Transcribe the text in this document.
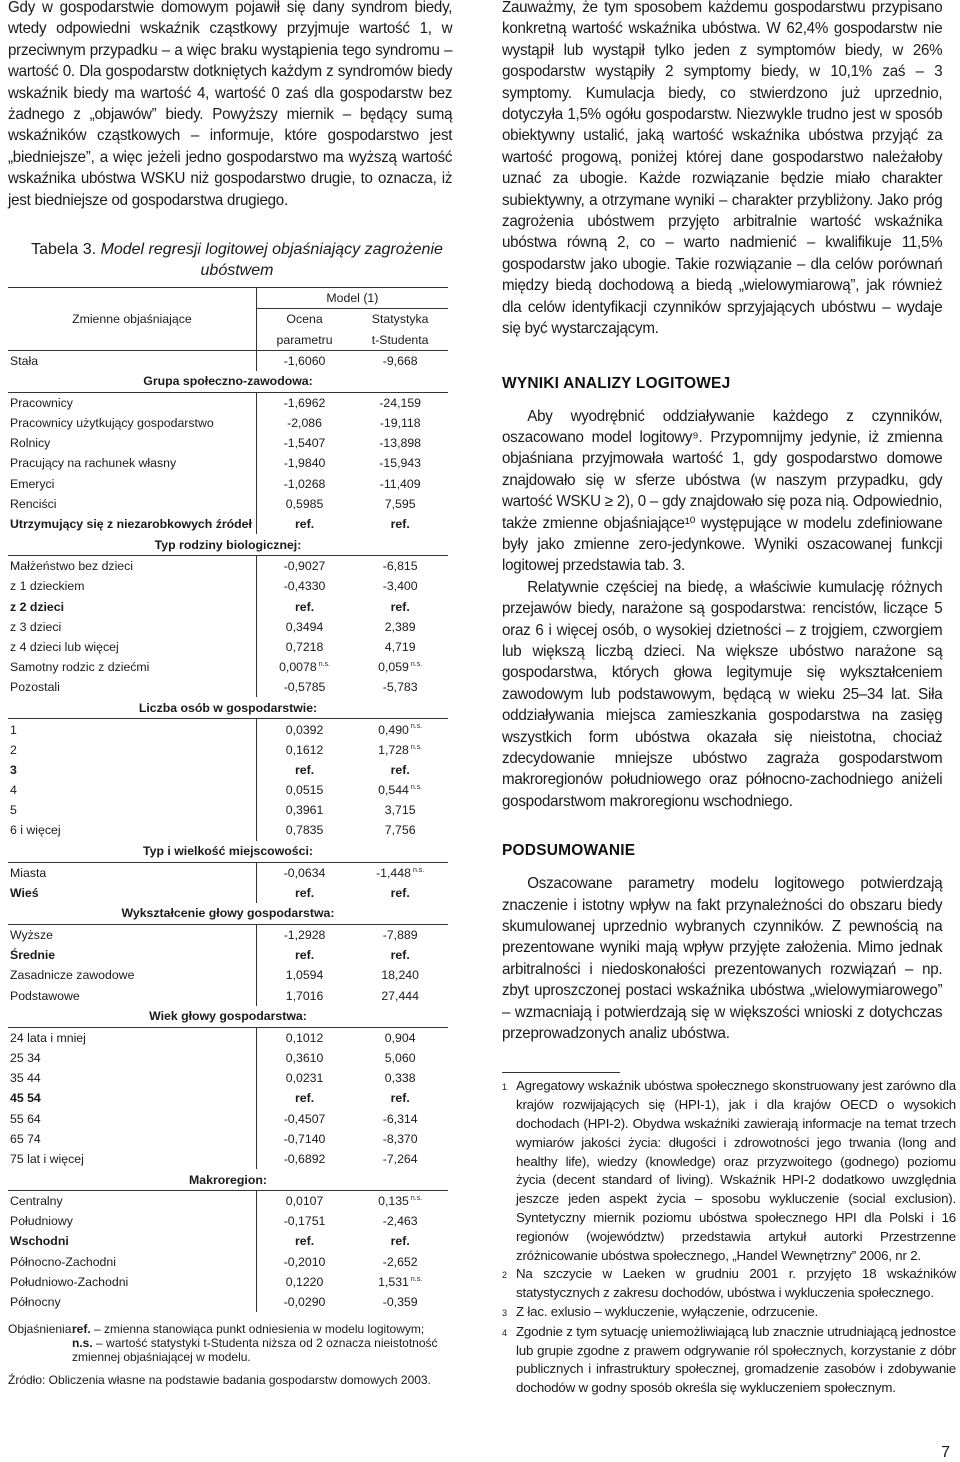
Gdy w gospodarstwie domowym pojawił się dany syndrom biedy, wtedy odpowiedni wskaźnik cząstkowy przyjmuje wartość 1, w przeciwnym przypadku – a więc braku wystąpienia tego syndromu – wartość 0. Dla gospodarstw dotkniętych każdym z syndromów biedy wskaźnik biedy ma wartość 4, wartość 0 zaś dla gospodarstw bez żadnego z „objawów” biedy. Powyższy miernik – będący sumą wskaźników cząstkowych – informuje, które gospodarstwo jest „biedniejsze”, a więc jeżeli jedno gospodarstwo ma wyższą wartość wskaźnika ubóstwa WSKU niż gospodarstwo drugie, to oznacza, iż jest biedniejsze od gospodarstwa drugiego.

Tabela 3. Model regresji logitowej objaśniający zagrożenie ubóstwem
Zmienne objaśniające	Model (1)	
	Ocena	Statystyka
	parametru	t-Studenta
Stała	-1,6060	-9,668
Grupa społeczno-zawodowa:		
Pracownicy	-1,6962	-24,159
Pracownicy użytkujący gospodarstwo	-2,086	-19,118
Rolnicy	-1,5407	-13,898
Pracujący na rachunek własny	-1,9840	-15,943
Emeryci	-1,0268	-11,409
Renciści	0,5985	7,595
Utrzymujący się z niezarobkowych źródeł	ref.	ref.
Typ rodziny biologicznej:		
Małżeństwo bez dzieci	-0,9027	-6,815
z 1 dzieckiem	-0,4330	-3,400
z 2 dzieci	ref.	ref.
z 3 dzieci	0,3494	2,389
z 4 dzieci lub więcej	0,7218	4,719
Samotny rodzic z dziećmi	0,0078 $^{n.s.}$	0,059 $^{n.s.}$
Pozostali	-0,5785	-5,783
Liczba osób w gospodarstwie:		
1	0,0392	0,490 $^{n.s.}$
2	0,1612	1,728 $^{n.s.}$
3	ref.	ref.
4	0,0515	0,544 $^{n.s.}$
5	0,3961	3,715
6 i więcej	0,7835	7,756
Typ i wielkość miejscowości:		
Miasta	-0,0634	-1,448 $^{n.s.}$
Wieś	ref.	ref.
Wykształcenie głowy gospodarstwa:		
Wyższe	-1,2928	-7,889
Średnie	ref.	ref.
Zasadnicze zawodowe	1,0594	18,240
Podstawowe	1,7016	27,444
Wiek głowy gospodarstwa:		
24 lata i mniej	0,1012	0,904
25 34	0,3610	5,060
35 44	0,0231	0,338
45 54	ref.	ref.
55 64	-0,4507	-6,314
65 74	-0,7140	-8,370
75 lat i więcej	-0,6892	-7,264
Makroregion:		
Centralny	0,0107	0,135 $^{n.s.}$
Południowy	-0,1751	-2,463
Wschodni	ref.	ref.
Północno-Zachodni	-0,2010	-2,652
Południowo-Zachodni	0,1220	1,531 $^{n.s.}$
Północny	-0,0290	-0,359
Objaśnienia:
ref. – zmienna stanowiąca punkt odniesienia w modelu logitowym;
n.s. – wartość statystyki t-Studenta niższa od 2 oznacza nieistotność zmiennej objaśniającej w modelu.
Źródło: Obliczenia własne na podstawie badania gospodarstw domowych 2003.

Zauważmy, że tym sposobem każdemu gospodarstwu przypisano konkretną wartość wskaźnika ubóstwa. W 62,4% gospodarstw nie wystąpił lub wystąpił tylko jeden z symptomów biedy, w 26% gospodarstw wystąpiły 2 symptomy biedy, w 10,1% zaś – 3 symptomy. Kumulacja biedy, co stwierdzono już uprzednio, dotyczyła 1,5% ogółu gospodarstw. Niezwykle trudno jest w sposób obiektywny ustalić, jaką wartość wskaźnika ubóstwa przyjąć za wartość progową, poniżej której dane gospodarstwo należałoby uznać za ubogie. Każde rozwiązanie będzie miało charakter subiektywny, a otrzymane wyniki – charakter przybliżony. Jako próg zagrożenia ubóstwem przyjęto arbitralnie wartość wskaźnika ubóstwa równą 2, co – warto nadmienić – kwalifikuje 11,5% gospodarstw jako ubogie. Takie rozwiązanie – dla celów porównań między biedą dochodową a biedą „wielowymiarową”, jak również dla celów identyfikacji czynników sprzyjających ubóstwu – wydaje się być wystarczającym.

WYNIKI ANALIZY LOGITOWEJ

Aby wyodrębnić oddziaływanie każdego z czynników, oszacowano model logitowy⁹. Przypomnijmy jedynie, iż zmienna objaśniana przyjmowała wartość 1, gdy gospodarstwo domowe znajdowało się w sferze ubóstwa (w naszym przypadku, gdy wartość WSKU ≥ 2), 0 – gdy znajdowało się poza nią. Odpowiednio, także zmienne objaśniające¹⁰ występujące w modelu zdefiniowane były jako zmienne zero-jedynkowe. Wyniki oszacowanej funkcji logitowej przedstawia tab. 3.

Relatywnie częściej na biedę, a właściwie kumulację różnych przejawów biedy, narażone są gospodarstwa: rencistów, liczące 5 oraz 6 i więcej osób, o wysokiej dzietności – z trojgiem, czworgiem lub większą liczbą dzieci. Na większe ubóstwo narażone są gospodarstwa, których głowa legitymuje się wykształceniem zawodowym lub podstawowym, będącą w wieku 25–34 lat. Siła oddziaływania miejsca zamieszkania gospodarstwa na zasięg wszystkich form ubóstwa okazała się nieistotna, chociaż zdecydowanie mniejsze ubóstwo zagraża gospodarstwom makroregionów południowego oraz północno-zachodniego aniżeli gospodarstwom makroregionu wschodniego.

PODSUMOWANIE

Oszacowane parametry modelu logitowego potwierdzają znaczenie i istotny wpływ na fakt przynależności do obszaru biedy skumulowanej uprzednio wybranych czynników. Z pewnością na prezentowane wyniki mają wpływ przyjęte założenia. Mimo jednak arbitralności i niedoskonałości prezentowanych rozwiązań – np. zbyt uproszczonej postaci wskaźnika ubóstwa „wielowymiarowego” – wzmacniają i potwierdzają się w większości wnioski z dotychczas przeprowadzonych analiz ubóstwa.

1 Agregatowy wskaźnik ubóstwa społecznego skonstruowany jest zarówno dla krajów rozwijających się (HPI-1), jak i dla krajów OECD o wysokich dochodach (HPI-2). Obydwa wskaźniki zawierają informacje na temat trzech wymiarów jakości życia: długości i zdrowotności jego trwania (long and healthy life), wiedzy (knowledge) oraz przyzwoitego (godnego) poziomu życia (decent standard of living). Wskaźnik HPI-2 dodatkowo uwzględnia jeszcze jeden aspekt życia – sposobu wykluczenie (social exclusion). Syntetyczny miernik poziomu ubóstwa społecznego HPI dla Polski i 16 regionów (województw) przedstawia artykuł autorki Przestrzenne zróżnicowanie ubóstwa społecznego, „Handel Wewnętrzny” 2006, nr 2.
2 Na szczycie w Laeken w grudniu 2001 r. przyjęto 18 wskaźników statystycznych z zakresu dochodów, ubóstwa i wykluczenia społecznego.
3 Z łac. exlusio – wykluczenie, wyłączenie, odrzucenie.
4 Zgodnie z tym sytuację uniemożliwiającą lub znacznie utrudniającą jednostce lub grupie zgodne z prawem odgrywanie ról społecznych, korzystanie z dóbr publicznych i infrastruktury społecznej, gromadzenie zasobów i zdobywanie dochodów w godny sposób określa się wykluczeniem społecznym.
7
